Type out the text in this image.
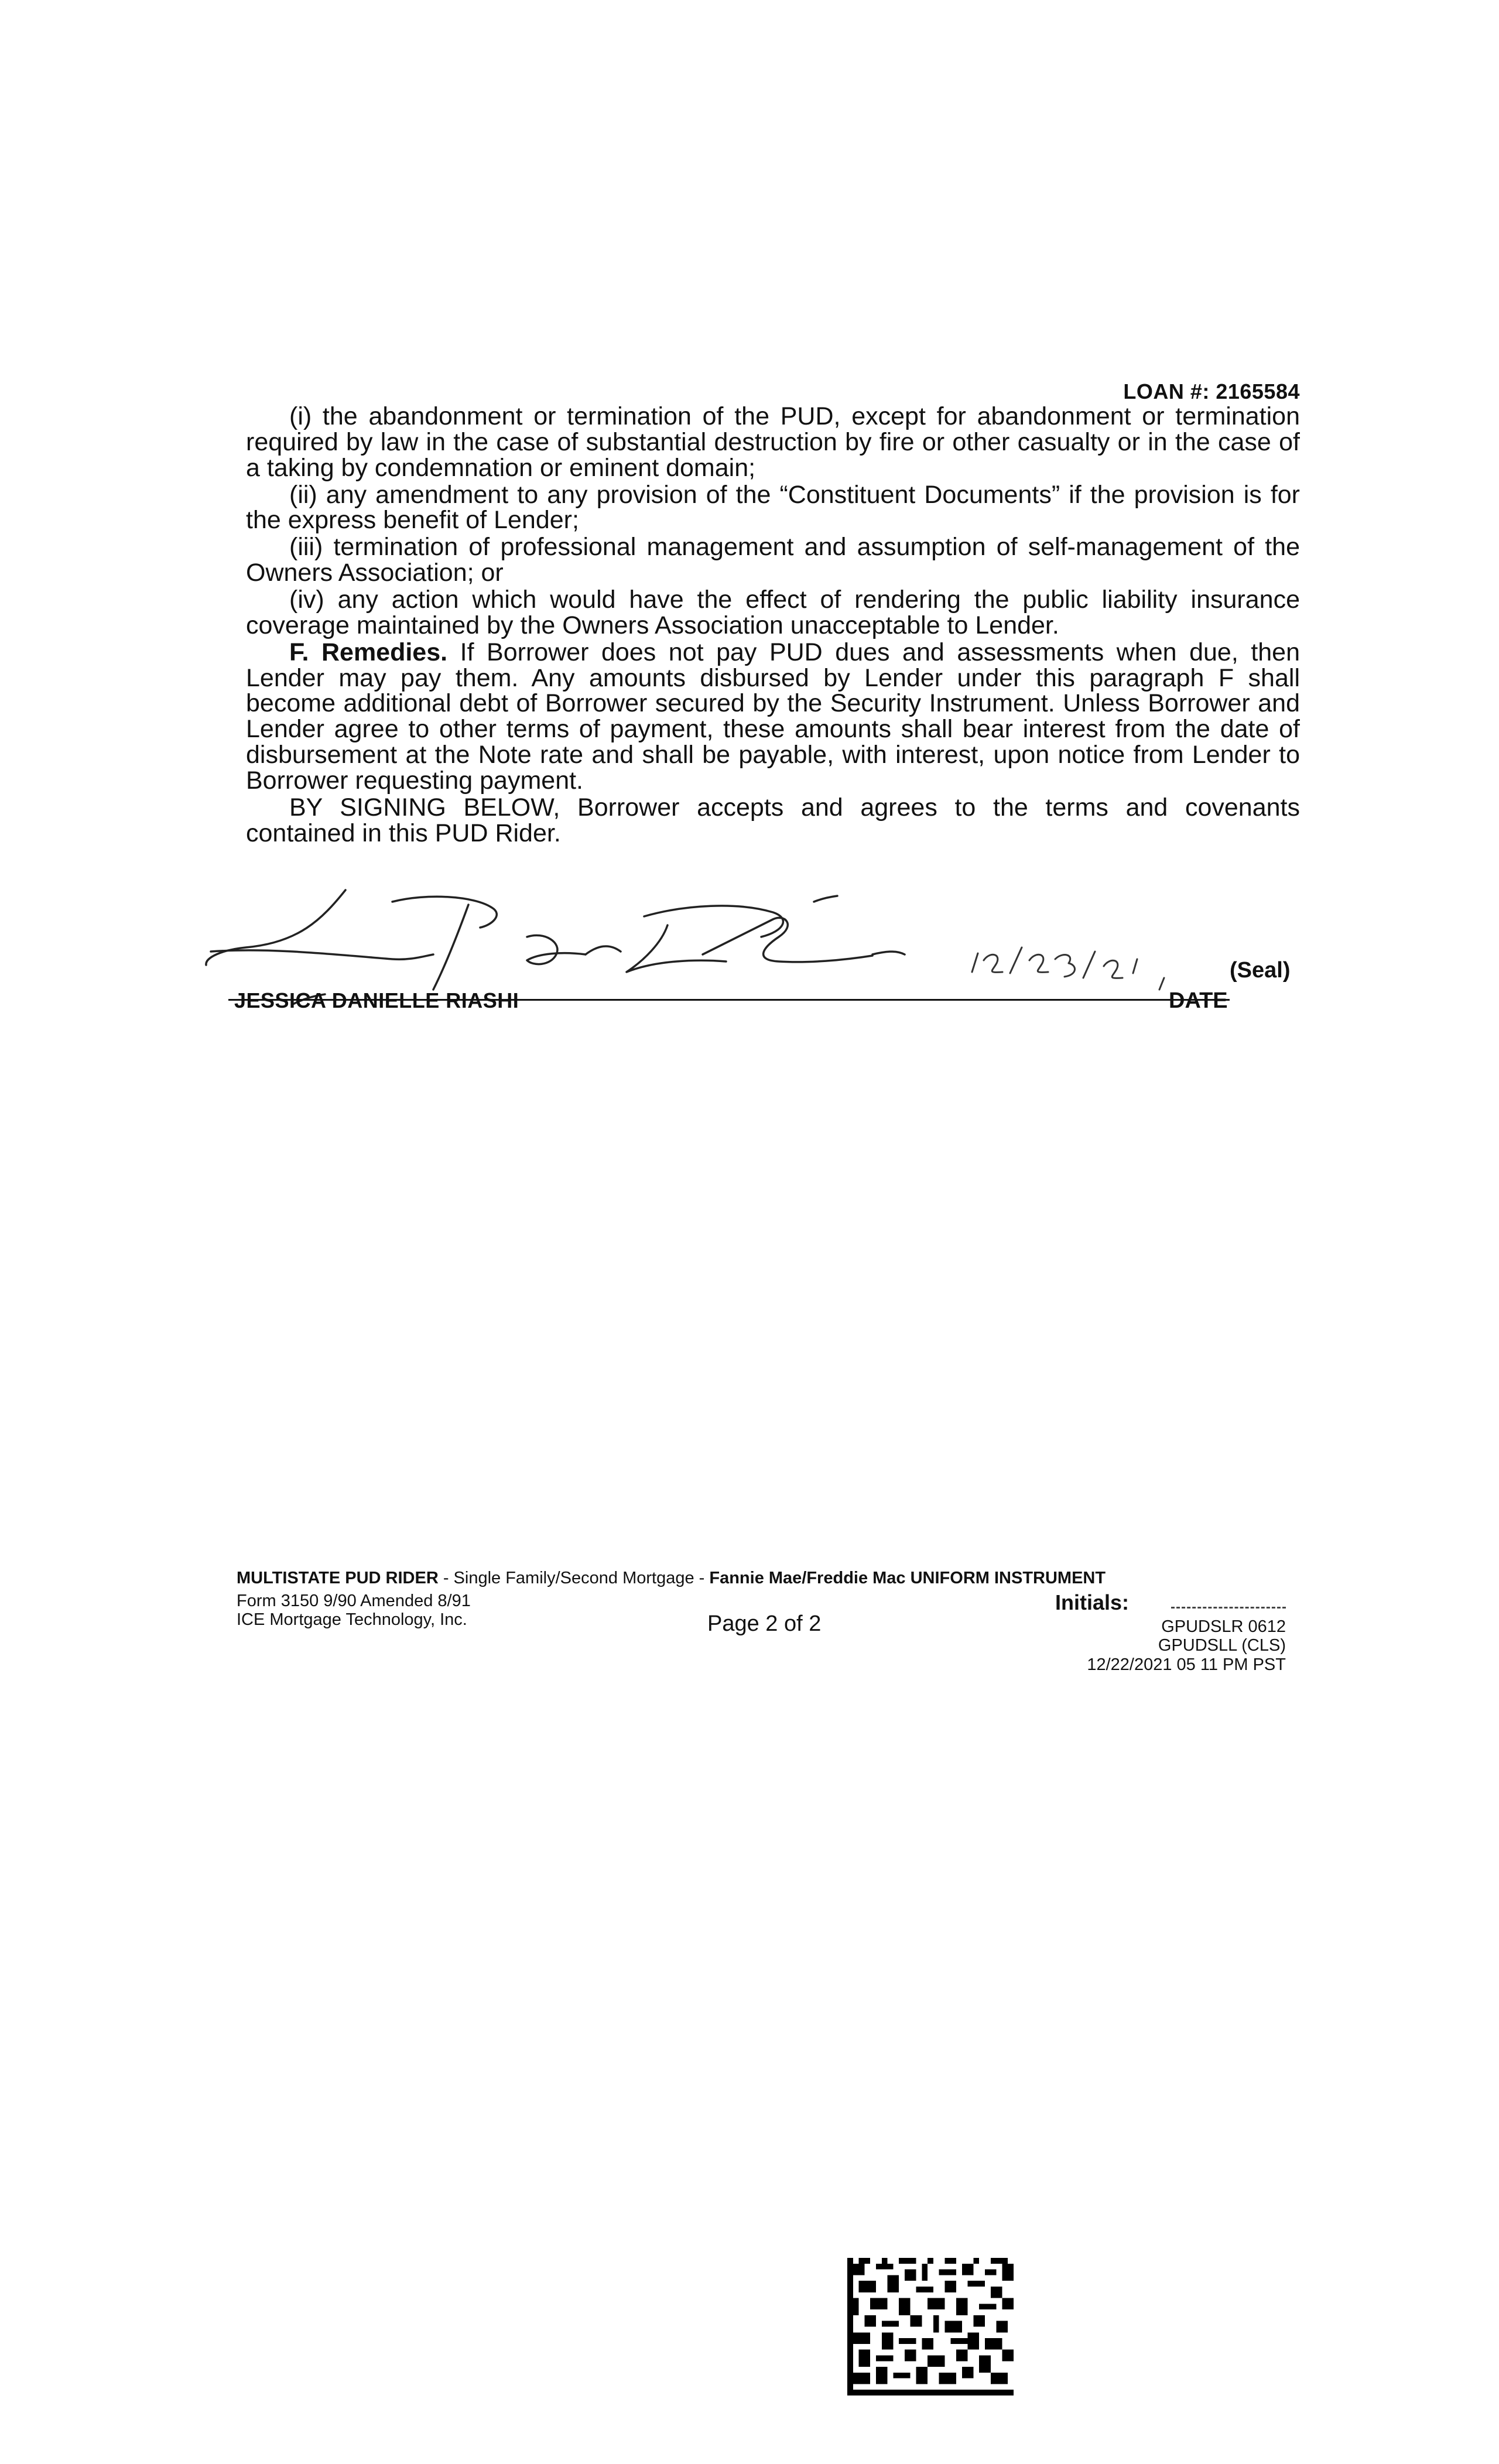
LOAN #: 2165584

(i) the abandonment or termination of the PUD, except for abandonment or termination required by law in the case of substantial destruction by fire or other casualty or in the case of a taking by condemnation or eminent domain;

(ii) any amendment to any provision of the “Constituent Documents” if the provision is for the express benefit of Lender;

(iii) termination of professional management and assumption of self-management of the Owners Association; or

(iv) any action which would have the effect of rendering the public liability insurance coverage maintained by the Owners Association unacceptable to Lender.

F. Remedies. If Borrower does not pay PUD dues and assessments when due, then Lender may pay them. Any amounts disbursed by Lender under this paragraph F shall become additional debt of Borrower secured by the Security Instrument. Unless Borrower and Lender agree to other terms of payment, these amounts shall bear interest from the date of disbursement at the Note rate and shall be payable, with interest, upon notice from Lender to Borrower requesting payment.

BY SIGNING BELOW, Borrower accepts and agrees to the terms and covenants contained in this PUD Rider.

JESSICA DANIELLE RIASHI
(Seal)
DATE
MULTISTATE PUD RIDER - Single Family/Second Mortgage - Fannie Mae/Freddie Mac UNIFORM INSTRUMENT
Form 3150 9/90 Amended 8/91
ICE Mortgage Technology, Inc.	Page 2 of 2
Initials:
GPUDSLR 0612
GPUDSLL (CLS)
12/22/2021 05 11 PM PST
